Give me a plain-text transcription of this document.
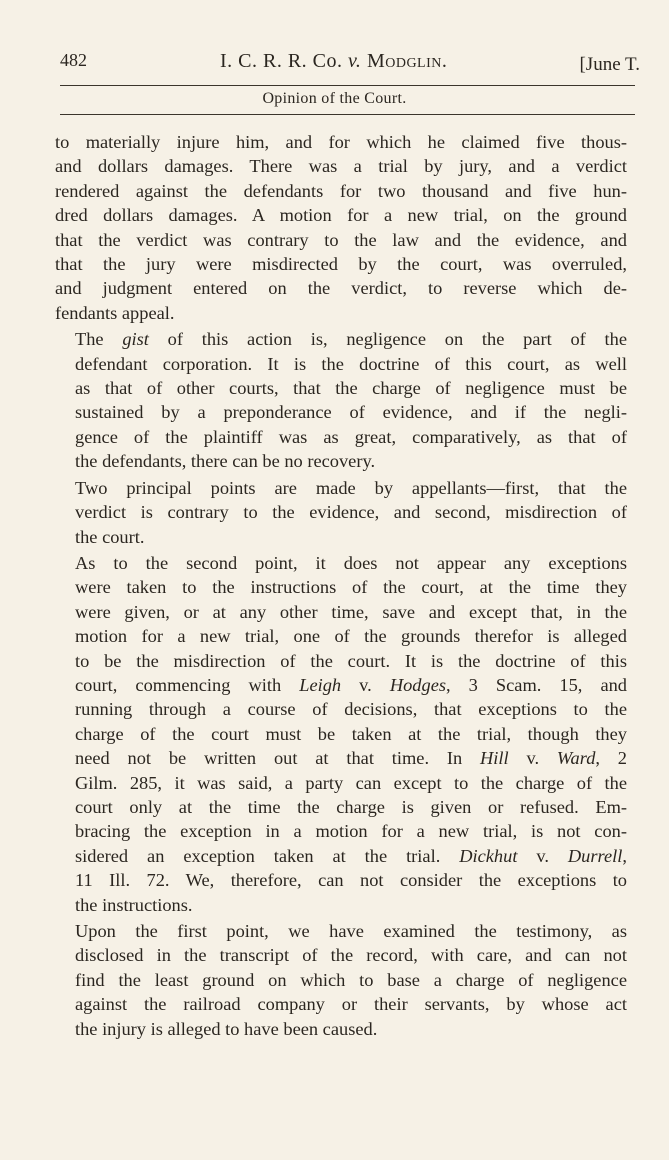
482	I. C. R. R. Co. v. Modglin.	[June T.
Opinion of the Court.

to materially injure him, and for which he claimed five thous-
and dollars damages. There was a trial by jury, and a verdict
rendered against the defendants for two thousand and five hun-
dred dollars damages. A motion for a new trial, on the ground
that the verdict was contrary to the law and the evidence, and
that the jury were misdirected by the court, was overruled,
and judgment entered on the verdict, to reverse which de-
fendants appeal.

The gist of this action is, negligence on the part of the
defendant corporation. It is the doctrine of this court, as well
as that of other courts, that the charge of negligence must be
sustained by a preponderance of evidence, and if the negli-
gence of the plaintiff was as great, comparatively, as that of
the defendants, there can be no recovery.

Two principal points are made by appellants—first, that the
verdict is contrary to the evidence, and second, misdirection of
the court.

As to the second point, it does not appear any exceptions
were taken to the instructions of the court, at the time they
were given, or at any other time, save and except that, in the
motion for a new trial, one of the grounds therefor is alleged
to be the misdirection of the court. It is the doctrine of this
court, commencing with Leigh v. Hodges, 3 Scam. 15, and
running through a course of decisions, that exceptions to the
charge of the court must be taken at the trial, though they
need not be written out at that time. In Hill v. Ward, 2
Gilm. 285, it was said, a party can except to the charge of the
court only at the time the charge is given or refused. Em-
bracing the exception in a motion for a new trial, is not con-
sidered an exception taken at the trial. Dickhut v. Durrell,
11 Ill. 72. We, therefore, can not consider the exceptions to
the instructions.

Upon the first point, we have examined the testimony, as
disclosed in the transcript of the record, with care, and can not
find the least ground on which to base a charge of negligence
against the railroad company or their servants, by whose act
the injury is alleged to have been caused.
